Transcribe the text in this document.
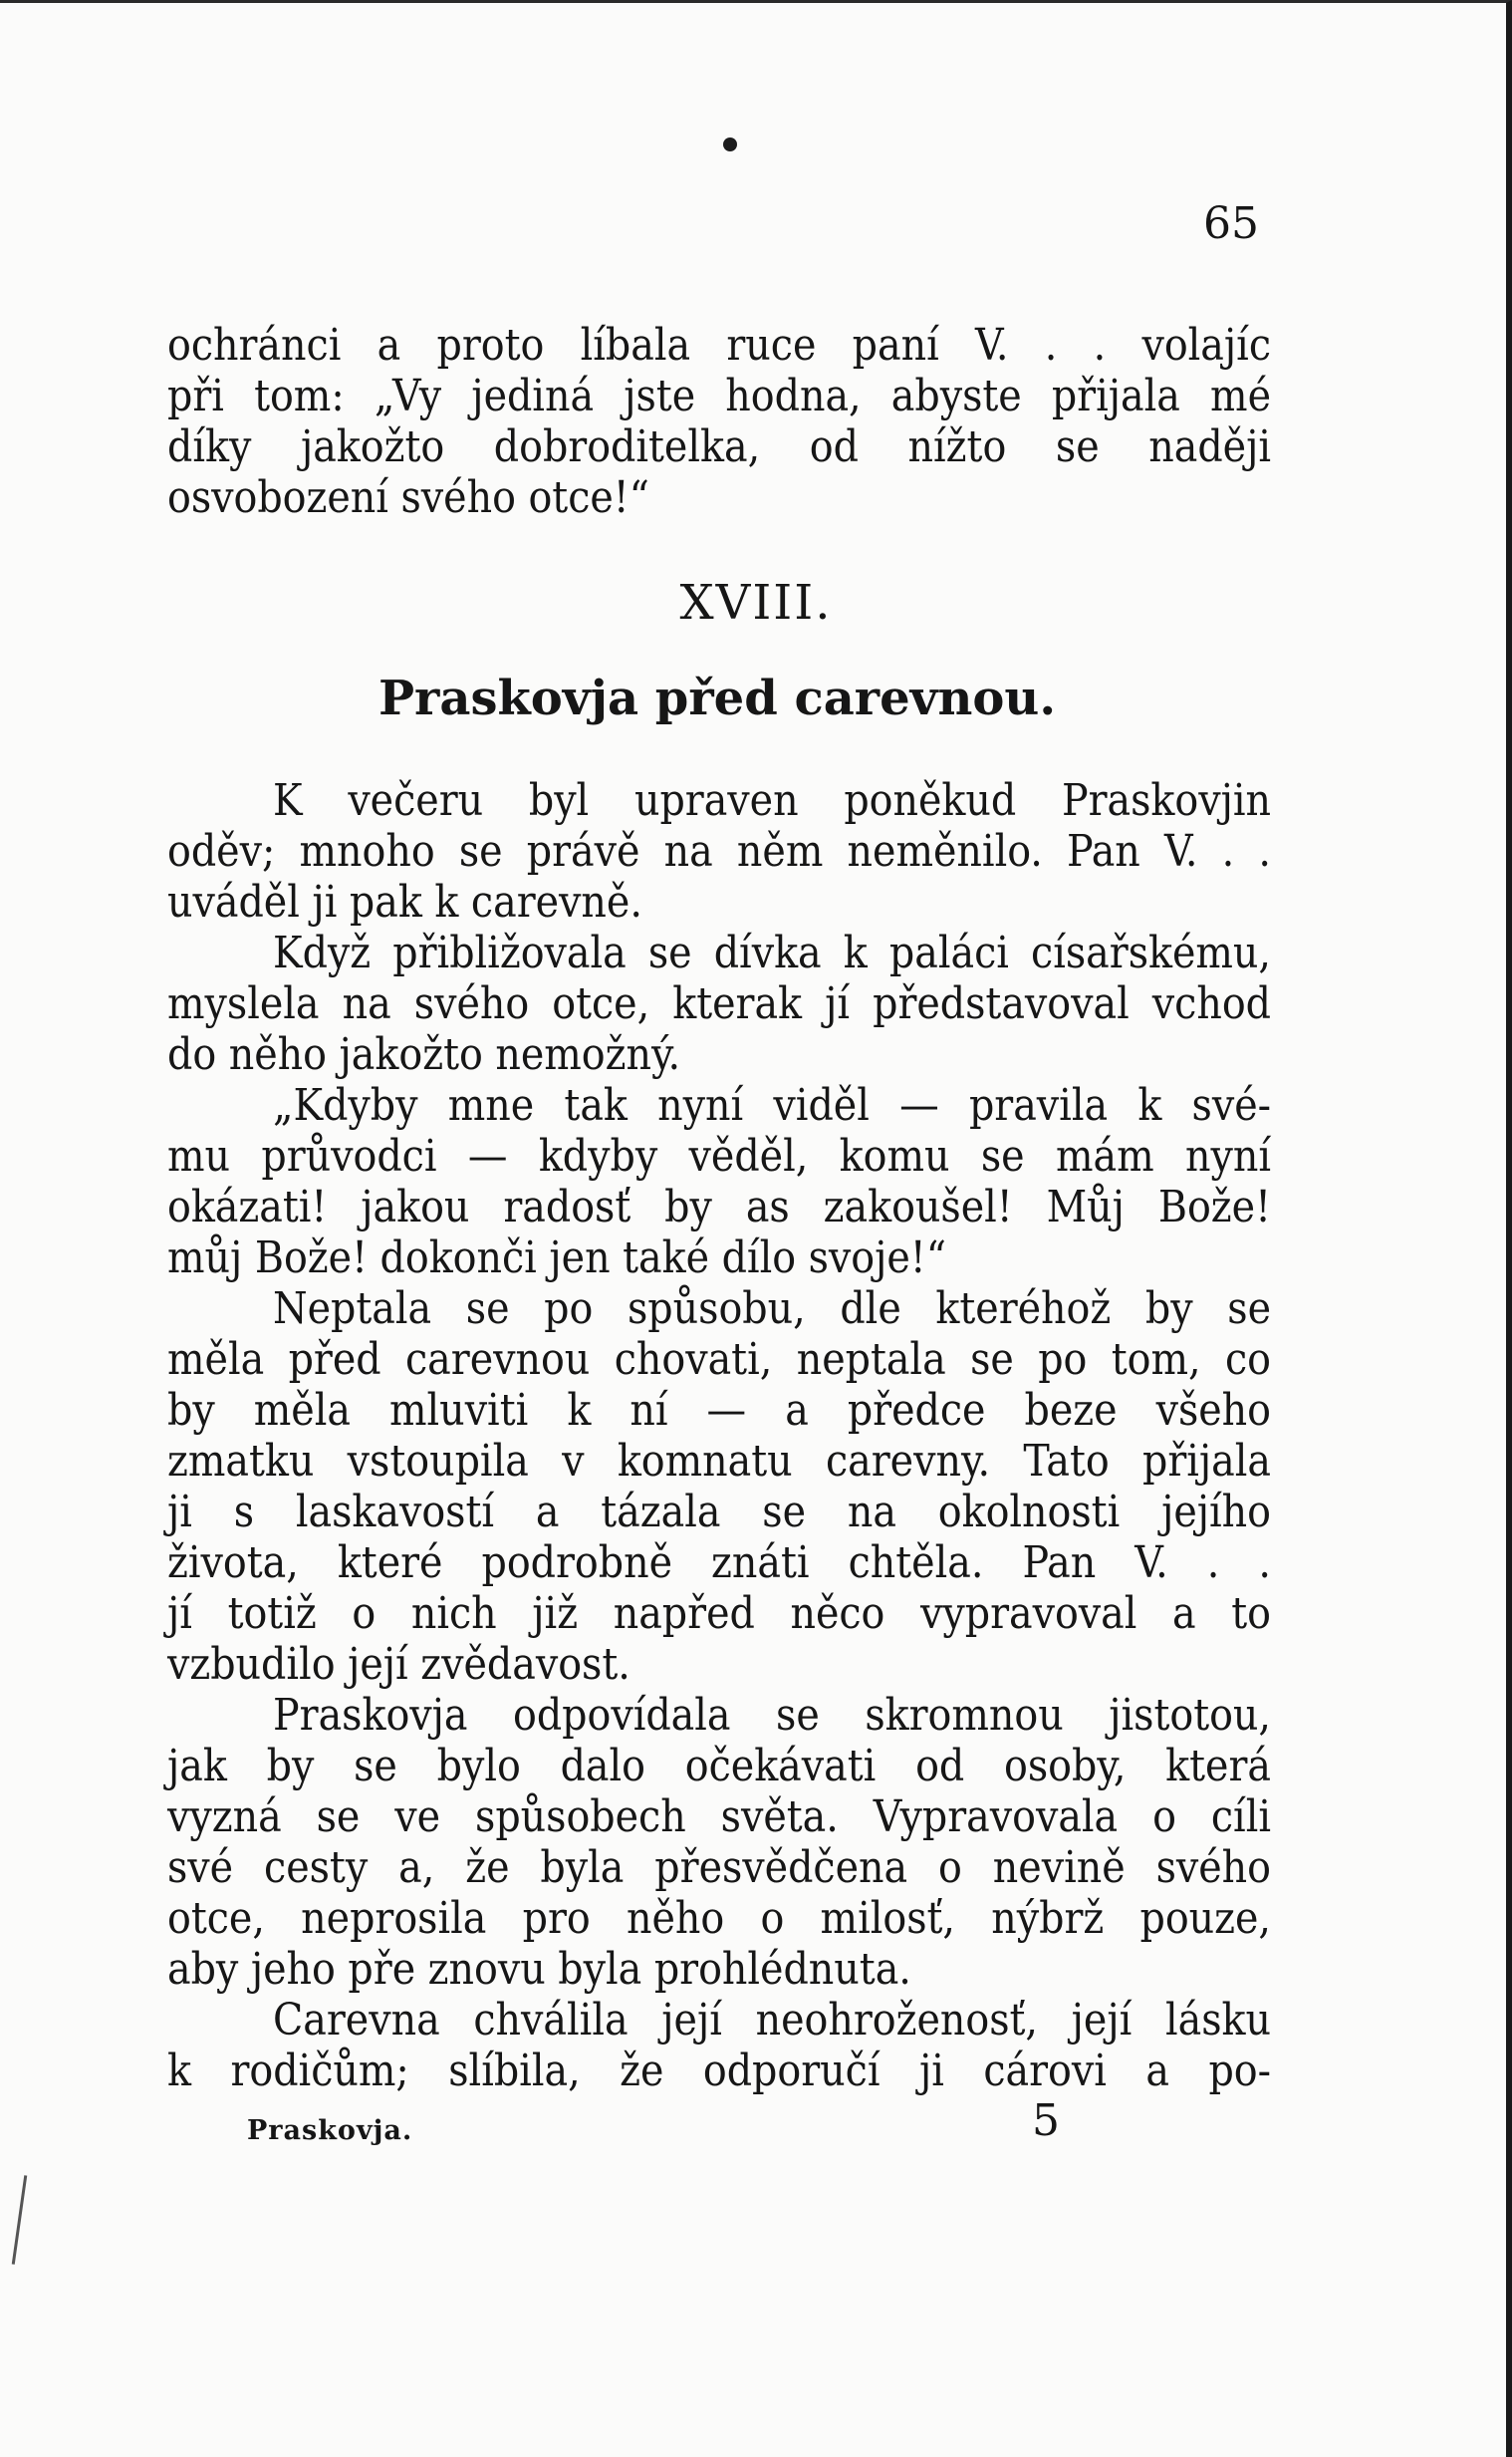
65
ochránci a proto líbala ruce paní V. . . volajíc
při tom: „Vy jediná jste hodna, abyste přijala mé
díky jakožto dobroditelka, od nížto se naději
osvobození svého otce!“
XVIII.
Praskovja před carevnou.
K večeru byl upraven poněkud Praskovjin
oděv; mnoho se právě na něm neměnilo. Pan V. . .
uváděl ji pak k carevně.
Když přibližovala se dívka k paláci císařskému,
myslela na svého otce, kterak jí představoval vchod
do něho jakožto nemožný.
„Kdyby mne tak nyní viděl — pravila k své-
mu průvodci — kdyby věděl, komu se mám nyní
okázati! jakou radosť by as zakoušel! Můj Bože!
můj Bože! dokonči jen také dílo svoje!“
Neptala se po spůsobu, dle kteréhož by se
měla před carevnou chovati, neptala se po tom, co
by měla mluviti k ní — a předce beze všeho
zmatku vstoupila v komnatu carevny. Tato přijala
ji s laskavostí a tázala se na okolnosti jejího
života, které podrobně znáti chtěla. Pan V. . .
jí totiž o nich již napřed něco vypravoval a to
vzbudilo její zvědavost.
Praskovja odpovídala se skromnou jistotou,
jak by se bylo dalo očekávati od osoby, která
vyzná se ve spůsobech světa. Vypravovala o cíli
své cesty a, že byla přesvědčena o nevině svého
otce, neprosila pro něho o milosť, nýbrž pouze,
aby jeho pře znovu byla prohlédnuta.
Carevna chválila její neohroženosť, její lásku
k rodičům; slíbila, že odporučí ji cárovi a po-
Praskovja.	5
